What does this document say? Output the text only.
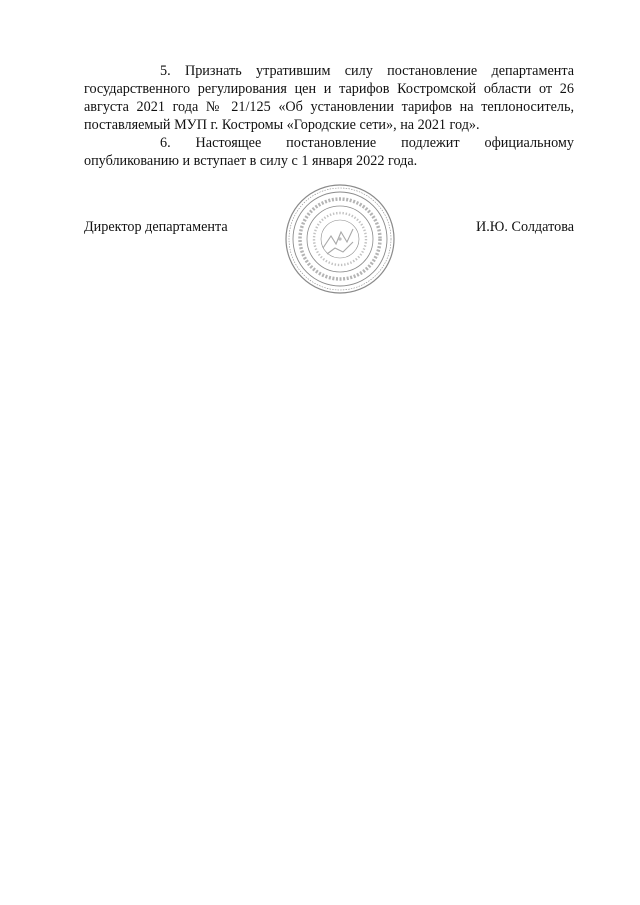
5. Признать утратившим силу постановление департамента государственного регулирования цен и тарифов Костромской области от 26 августа 2021 года № 21/125 «Об установлении тарифов на теплоноситель, поставляемый МУП г. Костромы «Городские сети», на 2021 год».

6. Настоящее постановление подлежит официальному опубликованию и вступает в силу с 1 января 2022 года.

Директор департамента	И.Ю. Солдатова
